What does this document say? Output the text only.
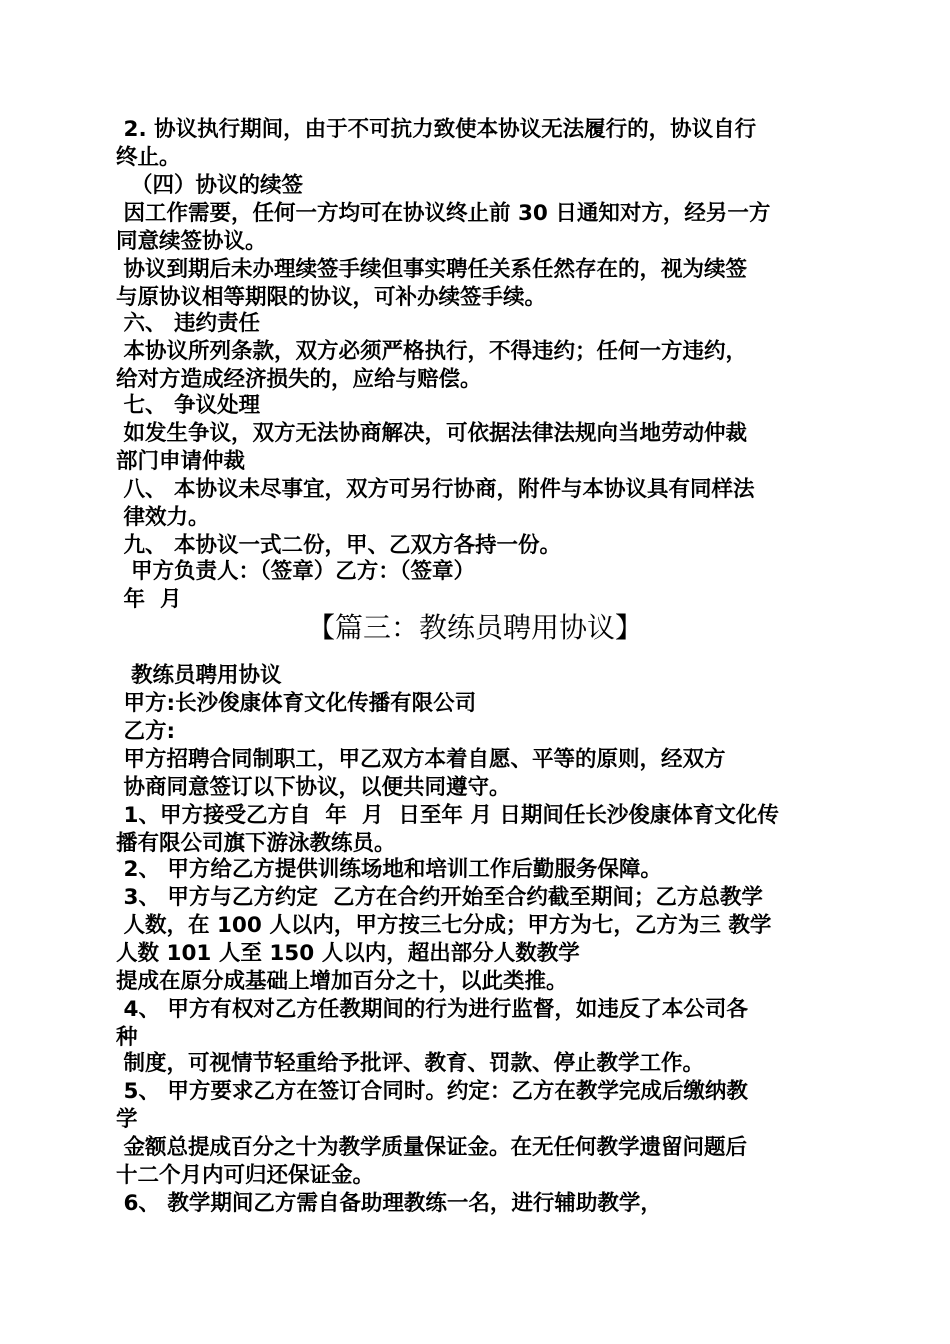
2. 协议执行期间，由于不可抗力致使本协议无法履行的，协议自行
终止。
（四）协议的续签
因工作需要，任何一方均可在协议终止前 30 日通知对方，经另一方
同意续签协议。
协议到期后未办理续签手续但事实聘任关系任然存在的，视为续签
与原协议相等期限的协议，可补办续签手续。
六、 违约责任
本协议所列条款，双方必须严格执行，不得违约；任何一方违约，
给对方造成经济损失的，应给与赔偿。
七、 争议处理
如发生争议，双方无法协商解决，可依据法律法规向当地劳动仲裁
部门申请仲裁
八、 本协议未尽事宜，双方可另行协商，附件与本协议具有同样法
律效力。
九、 本协议一式二份，甲、乙双方各持一份。
甲方负责人：（签章）乙方：（签章）
年  月
【篇三：教练员聘用协议】
教练员聘用协议
甲方:长沙俊康体育文化传播有限公司
乙方:
甲方招聘合同制职工，甲乙双方本着自愿、平等的原则，经双方
协商同意签订以下协议，以便共同遵守。
1、甲方接受乙方自  年  月  日至年 月 日期间任长沙俊康体育文化传
播有限公司旗下游泳教练员。
2、 甲方给乙方提供训练场地和培训工作后勤服务保障。
3、 甲方与乙方约定  乙方在合约开始至合约截至期间；乙方总教学
人数，在 100 人以内，甲方按三七分成；甲方为七，乙方为三 教学
人数 101 人至 150 人以内，超出部分人数教学
提成在原分成基础上增加百分之十，以此类推。
4、 甲方有权对乙方任教期间的行为进行监督，如违反了本公司各
种
制度，可视情节轻重给予批评、教育、罚款、停止教学工作。
5、 甲方要求乙方在签订合同时。约定：乙方在教学完成后缴纳教
学
金额总提成百分之十为教学质量保证金。在无任何教学遗留问题后
十二个月内可归还保证金。
6、 教学期间乙方需自备助理教练一名，进行辅助教学，
